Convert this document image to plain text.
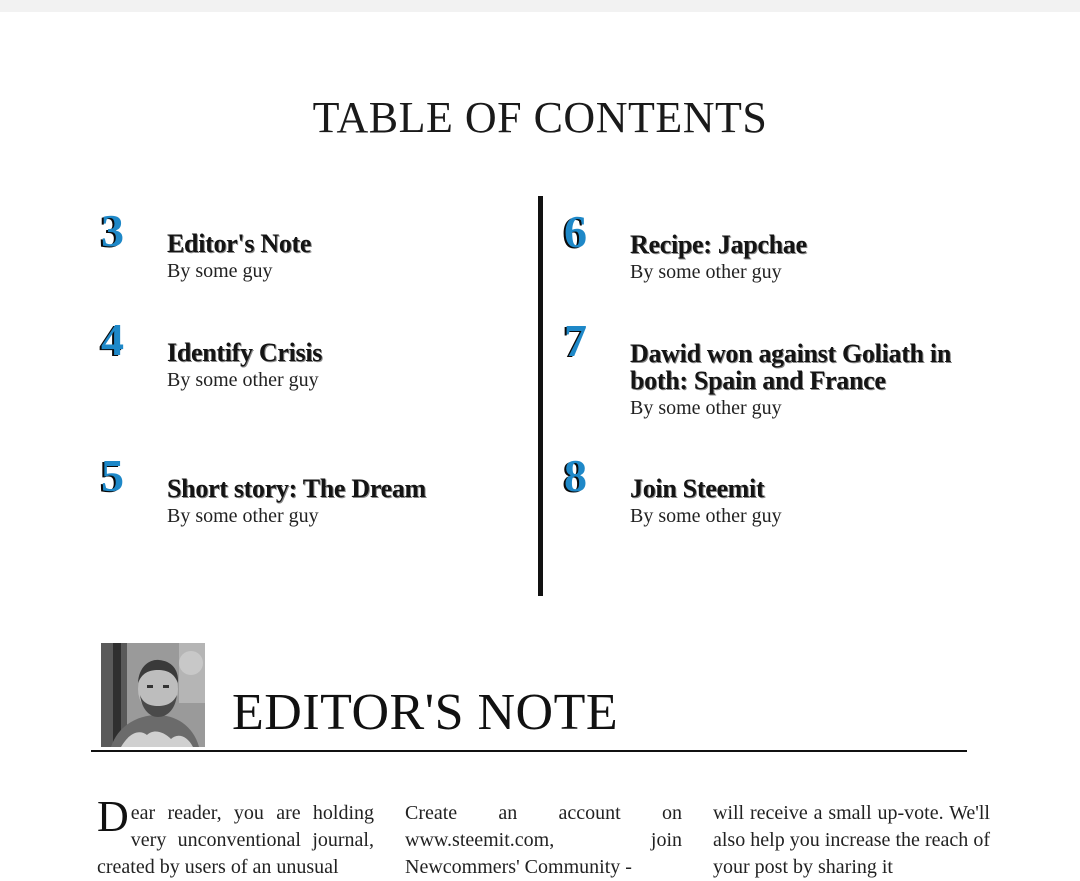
TABLE OF CONTENTS
3 Editor's Note
By some guy
4 Identify Crisis
By some other guy
5 Short story: The Dream
By some other guy
6 Recipe: Japchae
By some other guy
7 Dawid won against Goliath in both: Spain and France
By some other guy
8 Join Steemit
By some other guy
EDITOR'S NOTE
D ear reader, you are holding very unconventional journal, created by users of an unusual
Create an account on www.steemit.com, join Newcommers' Community -
will receive a small up-vote. We'll also help you increase the reach of your post by sharing it
